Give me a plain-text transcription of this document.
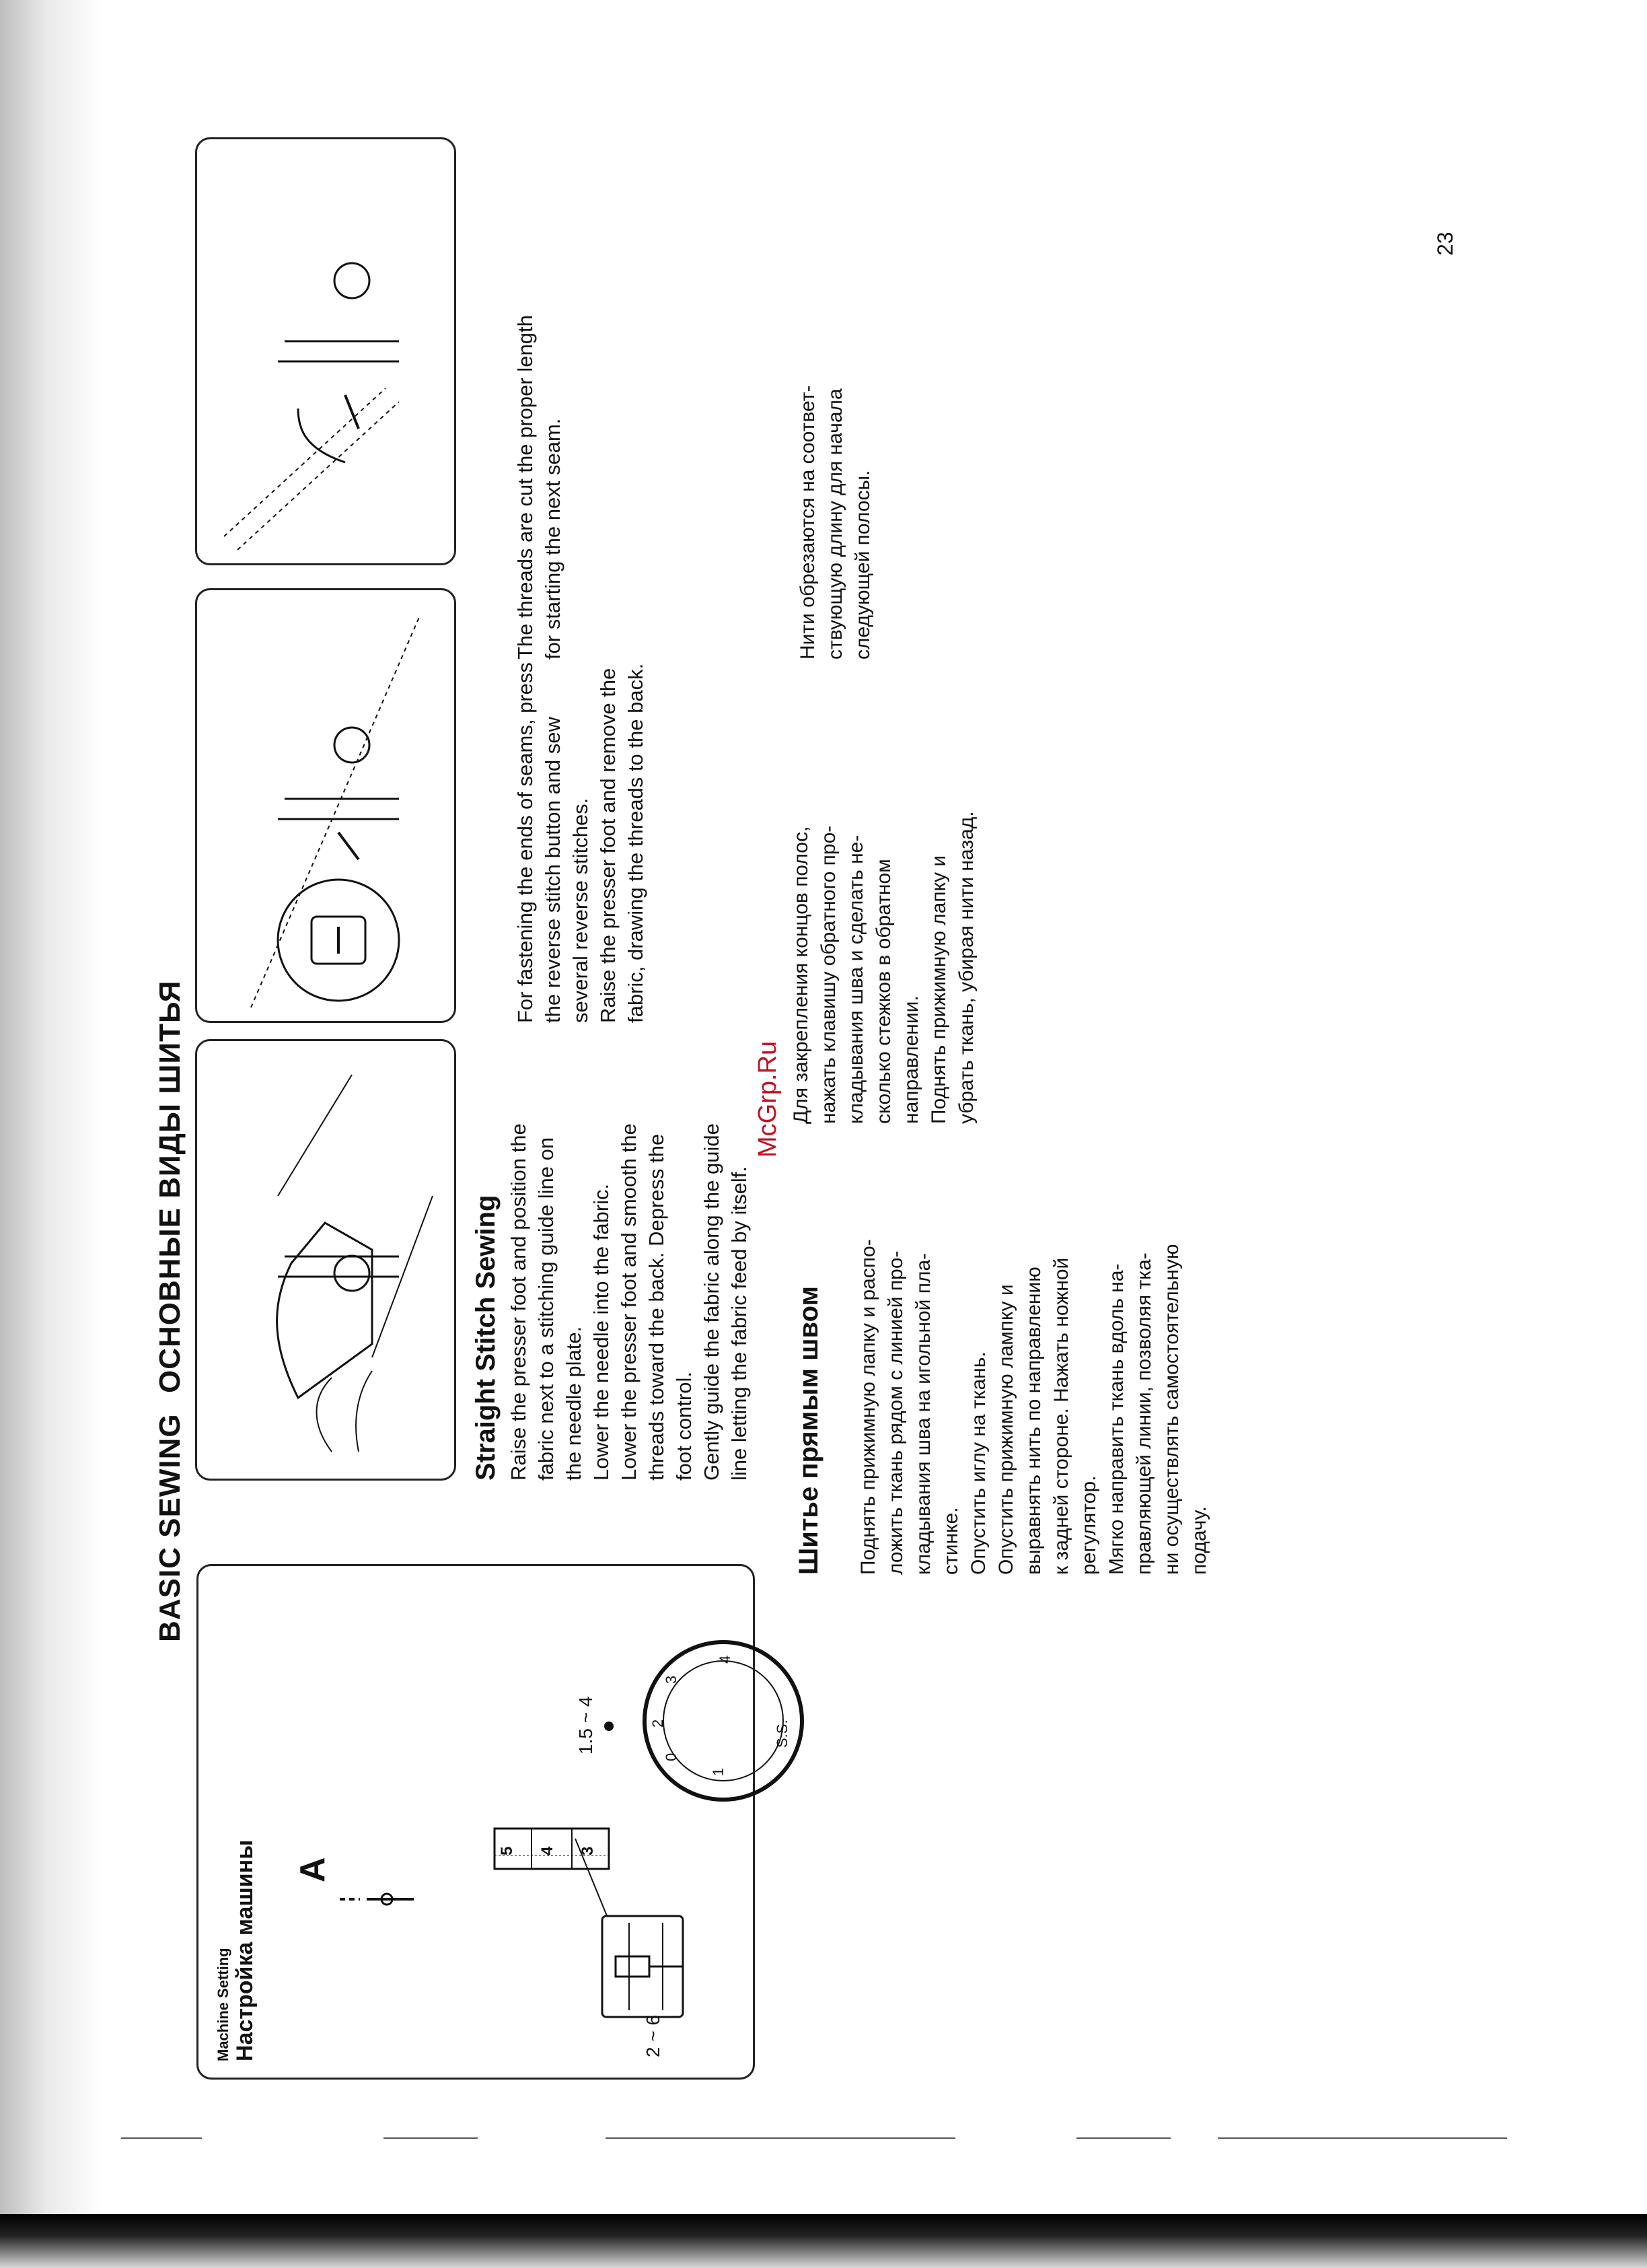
BASIC SEWING
ОСНОВНЫЕ ВИДЫ ШИТЬЯ
Machine Setting Настройка машины A
0
1
2
3
4
S.S.
5 4 3
2 ~ 6
1.5 ~ 4
Straight Stitch Sewing Raise the presser foot and position the
fabric next to a stitching guide line on
the needle plate.
Lower the needle into the fabric.
Lower the presser foot and smooth the
threads toward the back. Depress the
foot control.
Gently guide the fabric along the guide
line letting the fabric feed by itself.
Шитье прямым швом Поднять прижимную лапку и распо-
ложить ткань рядом с линией про-
кладывания шва на игольной пла-
стинке.
Опустить иглу на ткань.
Опустить прижимную лампку и
выравнять нить по направлению
к задней стороне. Нажать ножной
регулятор.
Мягко направить ткань вдоль на-
правляющей линии, позволяя тка-
ни осуществлять самостоятельную
подачу.
For fastening the ends of seams, press
the reverse stitch button and sew
several reverse stitches.
Raise the presser foot and remove the
fabric, drawing the threads to the back.
Для закрепления концов полос,
нажать клавишу обратного про-
кладывания шва и сделать не-
сколько стежков в обратном
направлении.
Поднять прижимную лапку и
убрать ткань, убирая нити назад.
The threads are cut the proper length
for starting the next seam.
Нити обрезаются на соответ-
ствующую длину для начала
следующей полосы.
McGrp.Ru
23
